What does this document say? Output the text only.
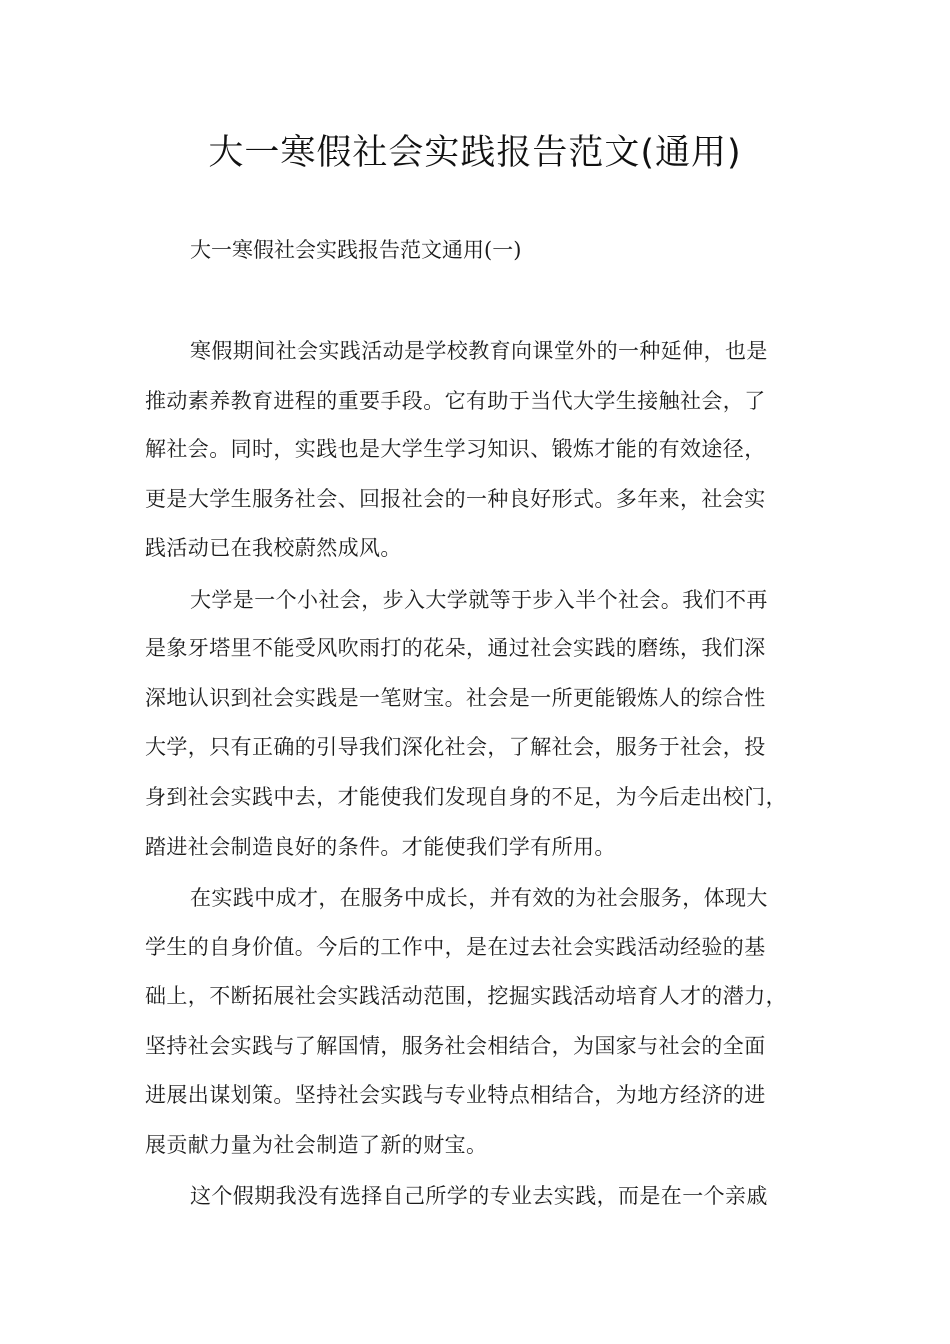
大一寒假社会实践报告范文(通用)

大一寒假社会实践报告范文通用(一)

寒假期间社会实践活动是学校教育向课堂外的一种延伸，也是

推动素养教育进程的重要手段。它有助于当代大学生接触社会，了

解社会。同时，实践也是大学生学习知识、锻炼才能的有效途径，

更是大学生服务社会、回报社会的一种良好形式。多年来，社会实

践活动已在我校蔚然成风。

大学是一个小社会，步入大学就等于步入半个社会。我们不再

是象牙塔里不能受风吹雨打的花朵，通过社会实践的磨练，我们深

深地认识到社会实践是一笔财宝。社会是一所更能锻炼人的综合性

大学，只有正确的引导我们深化社会，了解社会，服务于社会，投

身到社会实践中去，才能使我们发现自身的不足，为今后走出校门，

踏进社会制造良好的条件。才能使我们学有所用。

在实践中成才，在服务中成长，并有效的为社会服务，体现大

学生的自身价值。今后的工作中，是在过去社会实践活动经验的基

础上，不断拓展社会实践活动范围，挖掘实践活动培育人才的潜力，

坚持社会实践与了解国情，服务社会相结合，为国家与社会的全面

进展出谋划策。坚持社会实践与专业特点相结合，为地方经济的进

展贡献力量为社会制造了新的财宝。

这个假期我没有选择自己所学的专业去实践，而是在一个亲戚
